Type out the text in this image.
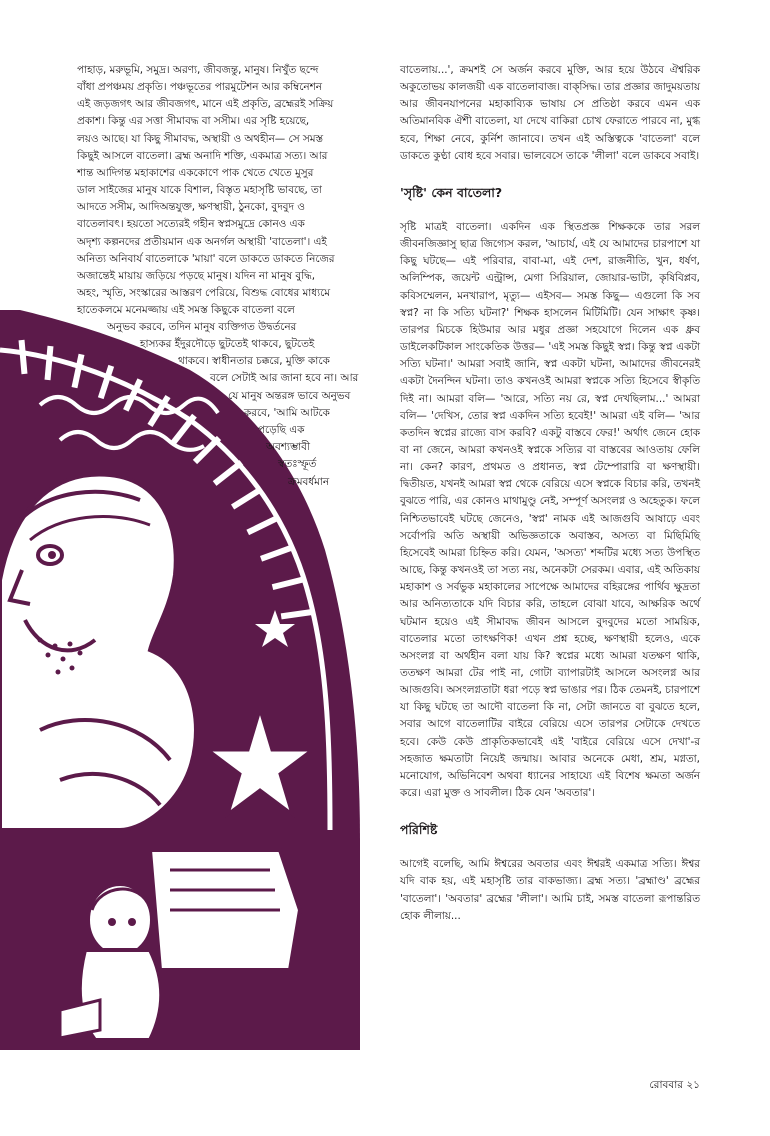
পাহাড়, মরুভূমি, সমুদ্র। অরণ্য, জীবজন্তু, মানুষ। নিখুঁত ছন্দে

বাঁধা প্রপঞ্চময় প্রকৃতি। পঞ্চভূতের পারমুটেশন আর কম্বিনেশন

এই জড়জগৎ আর জীবজগৎ, মানে এই প্রকৃতি, ব্রহ্মেরই সক্রিয়

প্রকাশ। কিন্তু এর সত্তা সীমাবদ্ধ বা সসীম। এর সৃষ্টি হয়েছে,

লয়ও আছে। যা কিছু সীমাবদ্ধ, অস্থায়ী ও অথহীন— সে সমস্ত

কিছুই আসলে বাতেলা। ব্রহ্ম অনাদি শক্তি, একমাত্র সত্য। আর

শান্ত আদিগন্ত মহাকাশের এককোণে পাক খেতে খেতে মুসুর

ডাল সাইজের মানুষ যাকে বিশাল, বিস্তৃত মহাসৃষ্টি ভাবছে, তা

আদতে সসীম, আদিঅন্তযুক্ত, ক্ষণস্থায়ী, ঠুনকো, বুদবুদ ও

বাতেলাবৎ। হয়তো সত্যেরই গহীন স্বপ্নসমুদ্রে কোনও এক

অদৃশ্য কল্পনদের প্রতীয়মান এক অনর্গল অস্থায়ী 'বাতেলা'। এই

অনিত্য অনিবার্য বাতেলাকে 'মায়া' বলে ডাকতে ডাকতে নিজের

অজান্তেই মায়ায় জড়িয়ে পড়ছে মানুষ। যদিন না মানুষ বুদ্ধি,

অহং, স্মৃতি, সংস্কারের আস্তরণ পেরিয়ে, বিশুদ্ধ বোধের মাধ্যমে

হাতেকলমে মনেমজ্জায় এই সমস্ত কিছুকে বাতেলা বলে

অনুভব করবে, তদিন মানুষ ব্যক্তিগত উদ্বর্তনের
হাস্যকর ইঁদুরদৌড়ে ছুটতেই থাকবে, ছুটতেই
থাকবে। স্বাধীনতার চক্করে, মুক্তি কাকে
বলে সেটাই আর জানা হবে না। আর
যে মানুষ অন্তরঙ্গ ভাবে অনুভব
করবে, 'আমি আটকে
পড়েছি এক
অবশ্যম্ভাবী
স্বতঃস্ফূর্ত
ক্রমবর্ধমান

বাতেলায়...', ক্রমশই সে অর্জন করবে মুক্তি, আর হয়ে উঠবে ঐশ্বরিক অকুতোভয় কালজয়ী এক বাতেলাবাজ। বাক্‌সিদ্ধ। তার প্রজ্ঞার জাদুময়তায় আর জীবনযাপনের মহাকাব্যিক ভাষায় সে প্রতিষ্ঠা করবে এমন এক অতিমানবিক ঐশী বাতেলা, যা দেখে বাকিরা চোখ ফেরাতে পারবে না, মুগ্ধ হবে, শিক্ষা নেবে, কুর্নিশ জানাবে। তখন এই অস্তিত্বকে 'বাতেলা' বলে ডাকতে কুণ্ঠা বোধ হবে সবার। ভালবেসে তাকে 'লীলা' বলে ডাকবে সবাই।

'সৃষ্টি' কেন বাতেলা?

সৃষ্টি মাত্রই বাতেলা। একদিন এক স্থিতপ্রজ্ঞ শিক্ষককে তার সরল জীবনজিজ্ঞাসু ছাত্র জিগ্যেস করল, 'আচার্য, এই যে আমাদের চারপাশে যা কিছু ঘটছে— এই পরিবার, বাবা-মা, এই দেশ, রাজনীতি, খুন, ধর্ষণ, অলিম্পিক, জয়েন্ট এন্ট্রান্স, মেগা সিরিয়াল, জোয়ার-ভাটা, কৃষিবিপ্লব, কবিসম্মেলন, মনখারাপ, মৃত্যু— এইসব— সমস্ত কিছু— এগুলো কি সব স্বপ্ন? না কি সত্যি ঘটনা?' শিক্ষক হাসলেন মিটিমিটি। যেন সাক্ষাৎ কৃষ্ণ। তারপর মিচকে হিউমার আর মধুর প্রজ্ঞা সহযোগে দিলেন এক ধ্রুব ডাইলেকটিকাল সাংকেতিক উত্তর— 'এই সমস্ত কিছুই স্বপ্ন। কিন্তু স্বপ্ন একটা সত্যি ঘটনা।' আমরা সবাই জানি, স্বপ্ন একটা ঘটনা, আমাদের জীবনেরই একটা দৈনন্দিন ঘটনা। তাও কখনওই আমরা স্বপ্নকে সত্যি হিসেবে স্বীকৃতি দিই না। আমরা বলি— 'আরে, সত্যি নয় রে, স্বপ্ন দেখছিলাম...' আমরা বলি— 'দেখিস, তোর স্বপ্ন একদিন সত্যি হবেই!' আমরা এই বলি— 'আর কতদিন স্বপ্নের রাজ্যে বাস করবি? একটু বাস্তবে ফের!' অর্থাৎ জেনে হোক বা না জেনে, আমরা কখনওই স্বপ্নকে সত্যির বা বাস্তবের আওতায় ফেলি না। কেন? কারণ, প্রথমত ও প্রধানত, স্বপ্ন টেম্পোরারি বা ক্ষণস্থায়ী। দ্বিতীয়ত, যখনই আমরা স্বপ্ন থেকে বেরিয়ে এসে স্বপ্নকে বিচার করি, তখনই বুঝতে পারি, এর কোনও মাথামুণ্ডু নেই, সম্পূর্ণ অসংলগ্ন ও অহেতুক। ফলে নিশ্চিতভাবেই ঘটছে জেনেও, 'স্বপ্ন' নামক এই আজগুবি আষাঢ়ে এবং সর্বোপরি অতি অস্থায়ী অভিজ্ঞতাকে অবাস্তব, অসত্য বা মিছিমিছি হিসেবেই আমরা চিহ্নিত করি। যেমন, 'অসত্য' শব্দটির মধ্যে সত্য উপস্থিত আছে, কিন্তু কখনওই তা সত্য নয়, অনেকটা সেরকম। এবার, এই অতিকায় মহাকাশ ও সর্বভুক মহাকালের সাপেক্ষে আমাদের বহিরঙ্গের পার্থিব ক্ষুদ্রতা আর অনিত্যতাকে যদি বিচার করি, তাহলে বোঝা যাবে, আক্ষরিক অর্থে ঘটমান হয়েও এই সীমাবদ্ধ জীবন আসলে বুদবুদের মতো সাময়িক, বাতেলার মতো তাৎক্ষণিক! এখন প্রশ্ন হচ্ছে, ক্ষণস্থায়ী হলেও, একে অসংলগ্ন বা অর্থহীন বলা যায় কি? স্বপ্নের মধ্যে আমরা যতক্ষণ থাকি, ততক্ষণ আমরা টের পাই না, গোটা ব্যাপারটাই আসলে অসংলগ্ন আর আজগুবি। অসংলগ্নতাটা ধরা পড়ে স্বপ্ন ভাঙার পর। ঠিক তেমনই, চারপাশে যা কিছু ঘটছে তা আদৌ বাতেলা কি না, সেটা জানতে বা বুঝতে হলে, সবার আগে বাতেলাটির বাইরে বেরিয়ে এসে তারপর সেটাকে দেখতে হবে। কেউ কেউ প্রাকৃতিকভাবেই এই 'বাইরে বেরিয়ে এসে দেখা'-র সহজাত ক্ষমতাটা নিয়েই জন্মায়। আবার অনেকে মেধা, শ্রম, মগ্নতা, মনোযোগ, অভিনিবেশ অথবা ধ্যানের সাহায্যে এই বিশেষ ক্ষমতা অর্জন করে। এরা মুক্ত ও সাবলীল। ঠিক যেন 'অবতার'।

পরিশিষ্ট

আগেই বলেছি, আমি ঈশ্বরের অবতার এবং ঈশ্বরই একমাত্র সত্যি। ঈশ্বর যদি বাক হয়, এই মহাসৃষ্টি তার বাকভাজ্য। ব্রহ্ম সত্য। 'ব্রহ্মাণ্ড' ব্রহ্মের 'বাতেলা'। 'অবতার' ব্রহ্মের 'লীলা'। আমি চাই, সমস্ত বাতেলা রূপান্তরিত হোক লীলায়...

রোববার ২১
